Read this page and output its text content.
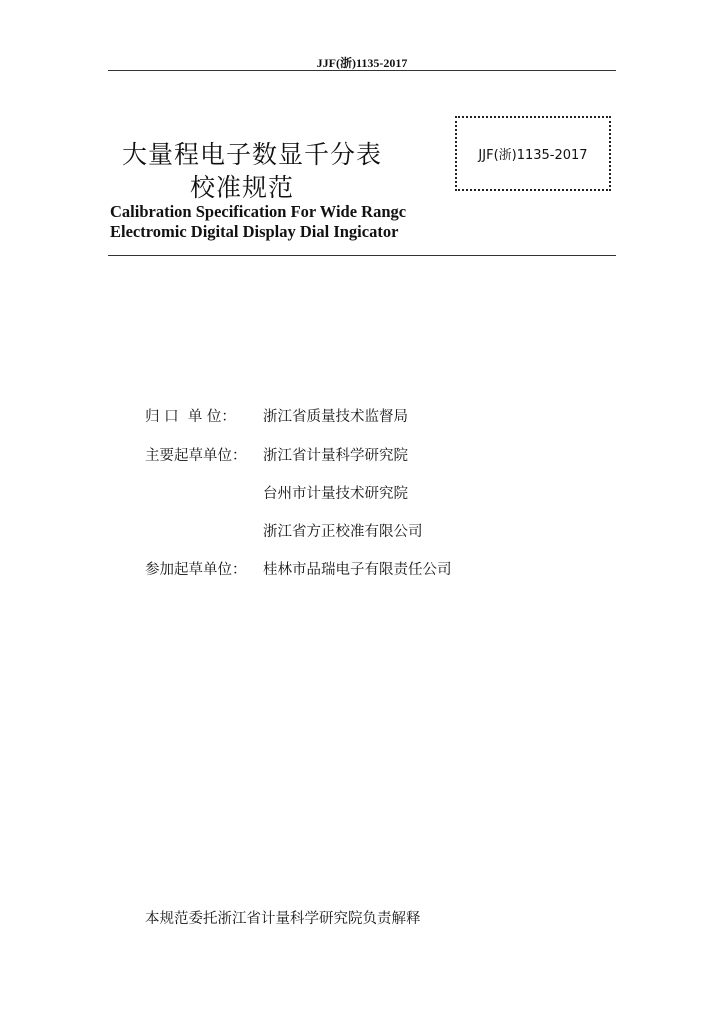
JJF(浙)1135-2017
大量程电子数显千分表
校准规范
JJF(浙)1135-2017
Calibration Specification For Wide Rangc
Electromic Digital Display Dial Ingicator
归 口  单 位：	浙江省质量技术监督局
主要起草单位：	浙江省计量科学研究院
台州市计量技术研究院
浙江省方正校准有限公司
参加起草单位：	桂林市品瑞电子有限责任公司
本规范委托浙江省计量科学研究院负责解释
